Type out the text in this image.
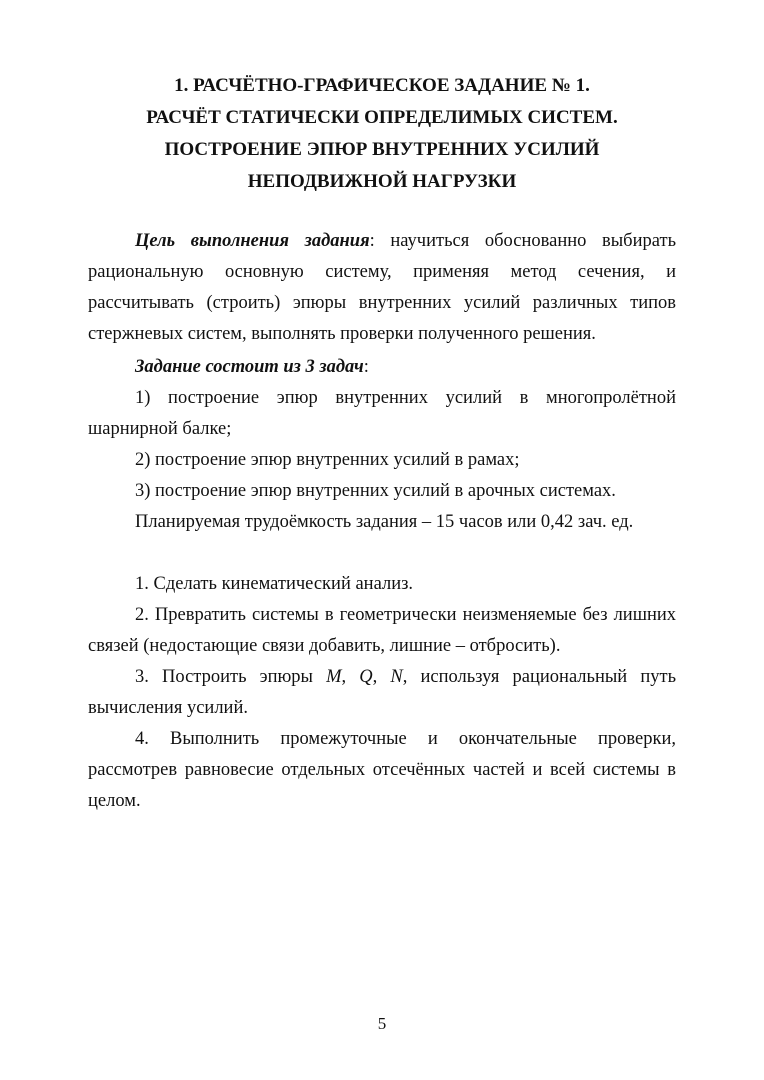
1. РАСЧЁТНО-ГРАФИЧЕСКОЕ ЗАДАНИЕ № 1.
РАСЧЁТ СТАТИЧЕСКИ ОПРЕДЕЛИМЫХ СИСТЕМ.
ПОСТРОЕНИЕ ЭПЮР ВНУТРЕННИХ УСИЛИЙ
НЕПОДВИЖНОЙ НАГРУЗКИ

Цель выполнения задания: научиться обоснованно выбирать рациональную основную систему, применяя метод сечения, и рассчитывать (строить) эпюры внутренних усилий различных типов стержневых систем, выполнять проверки полученного решения.

Задание состоит из 3 задач:

1) построение эпюр внутренних усилий в многопролётной шарнирной балке;

2) построение эпюр внутренних усилий в рамах;

3) построение эпюр внутренних усилий в арочных системах.

Планируемая трудоёмкость задания – 15 часов или 0,42 зач. ед.

1. Сделать кинематический анализ.

2. Превратить системы в геометрически неизменяемые без лишних связей (недостающие связи добавить, лишние – отбросить).

3. Построить эпюры M, Q, N, используя рациональный путь вычисления усилий.

4. Выполнить промежуточные и окончательные проверки, рассмотрев равновесие отдельных отсечённых частей и всей системы в целом.

5
